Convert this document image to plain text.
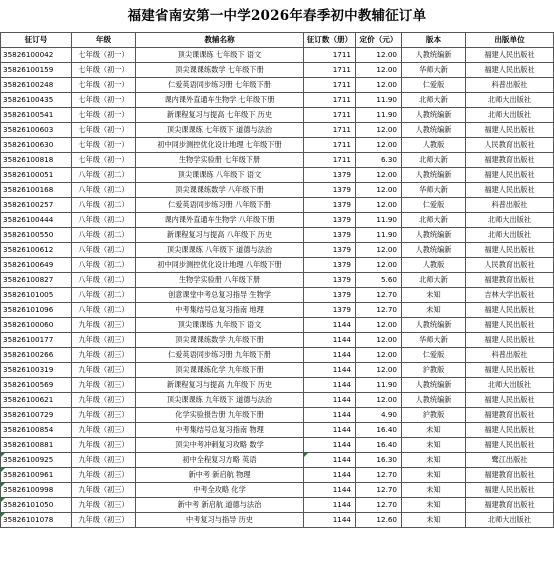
福建省南安第一中学2026年春季初中教辅征订单
征订号	年级	教辅名称	征订数（册）	定价（元）	版本	出版单位
35826100042	七年级（初一）	顶尖课课练 七年级下 语文	1711	12.00	人教统编新	福建人民出版社
35826100159	七年级（初一）	顶尖课课练数学 七年级下册	1711	12.00	华师大新	福建人民出版社
35826100248	七年级（初一）	仁爱英语同步练习册 七年级下册	1711	12.00	仁爱版	科普出版社
35826100435	七年级（初一）	课内课外直通车生物学 七年级下册	1711	11.90	北师大新	北师大出版社
35826100541	七年级（初一）	新课程复习与提高 七年级下 历史	1711	11.90	人教统编新	北师大出版社
35826100603	七年级（初一）	顶尖课课练 七年级下 道德与法治	1711	12.00	人教统编新	福建人民出版社
35826100630	七年级（初一）	初中同步测控优化设计地理 七年级下册	1711	12.00	人教版	人民教育出版社
35826100818	七年级（初一）	生物学实验册 七年级下册	1711	6.30	北师大新	福建教育出版社
35826100051	八年级（初二）	顶尖课课练 八年级下 语文	1379	12.00	人教统编新	福建人民出版社
35826100168	八年级（初二）	顶尖课课练数学 八年级下册	1379	12.00	华师大新	福建人民出版社
35826100257	八年级（初二）	仁爱英语同步练习册 八年级下册	1379	12.00	仁爱版	科普出版社
35826100444	八年级（初二）	课内课外直通车生物学 八年级下册	1379	11.90	北师大新	北师大出版社
35826100550	八年级（初二）	新课程复习与提高 八年级下 历史	1379	11.90	人教统编新	北师大出版社
35826100612	八年级（初二）	顶尖课课练 八年级下 道德与法治	1379	12.00	人教统编新	福建人民出版社
35826100649	八年级（初二）	初中同步测控优化设计地理 八年级下册	1379	12.00	人教版	人民教育出版社
35826100827	八年级（初二）	生物学实验册 八年级下册	1379	5.60	北师大新	福建教育出版社
35826101005	八年级（初二）	创意课堂中考总复习指导 生物学	1379	12.70	未知	吉林大学出版社
35826101096	八年级（初二）	中考集结号总复习指南 地理	1379	12.70	未知	福建人民出版社
35826100060	九年级（初三）	顶尖课课练 九年级下 语文	1144	12.00	人教统编新	福建人民出版社
35826100177	九年级（初三）	顶尖课课练数学 九年级下册	1144	12.00	华师大新	福建人民出版社
35826100266	九年级（初三）	仁爱英语同步练习册 九年级下册	1144	12.00	仁爱版	科普出版社
35826100319	九年级（初三）	顶尖课课练化学 九年级下册	1144	12.00	沪教版	福建人民出版社
35826100569	九年级（初三）	新课程复习与提高 九年级下 历史	1144	11.90	人教统编新	北师大出版社
35826100621	九年级（初三）	顶尖课课练 九年级下 道德与法治	1144	12.00	人教统编新	福建人民出版社
35826100729	九年级（初三）	化学实验报告册 九年级下册	1144	4.90	沪教版	福建教育出版社
35826100854	九年级（初三）	中考集结号总复习指南 物理	1144	16.40	未知	福建人民出版社
35826100881	九年级（初三）	顶尖中考冲刺复习攻略 数学	1144	16.40	未知	福建人民出版社
35826100925	九年级（初三）	初中全程复习方略 英语	1144	16.30	未知	鹭江出版社
35826100961	九年级（初三）	新中考 新启航 物理	1144	12.70	未知	福建教育出版社
35826100998	九年级（初三）	中考全攻略 化学	1144	12.70	未知	福建人民出版社
35826101050	九年级（初三）	新中考 新启航 道德与法治	1144	12.70	未知	福建教育出版社
35826101078	九年级（初三）	中考复习与指导 历史	1144	12.60	未知	北师大出版社
